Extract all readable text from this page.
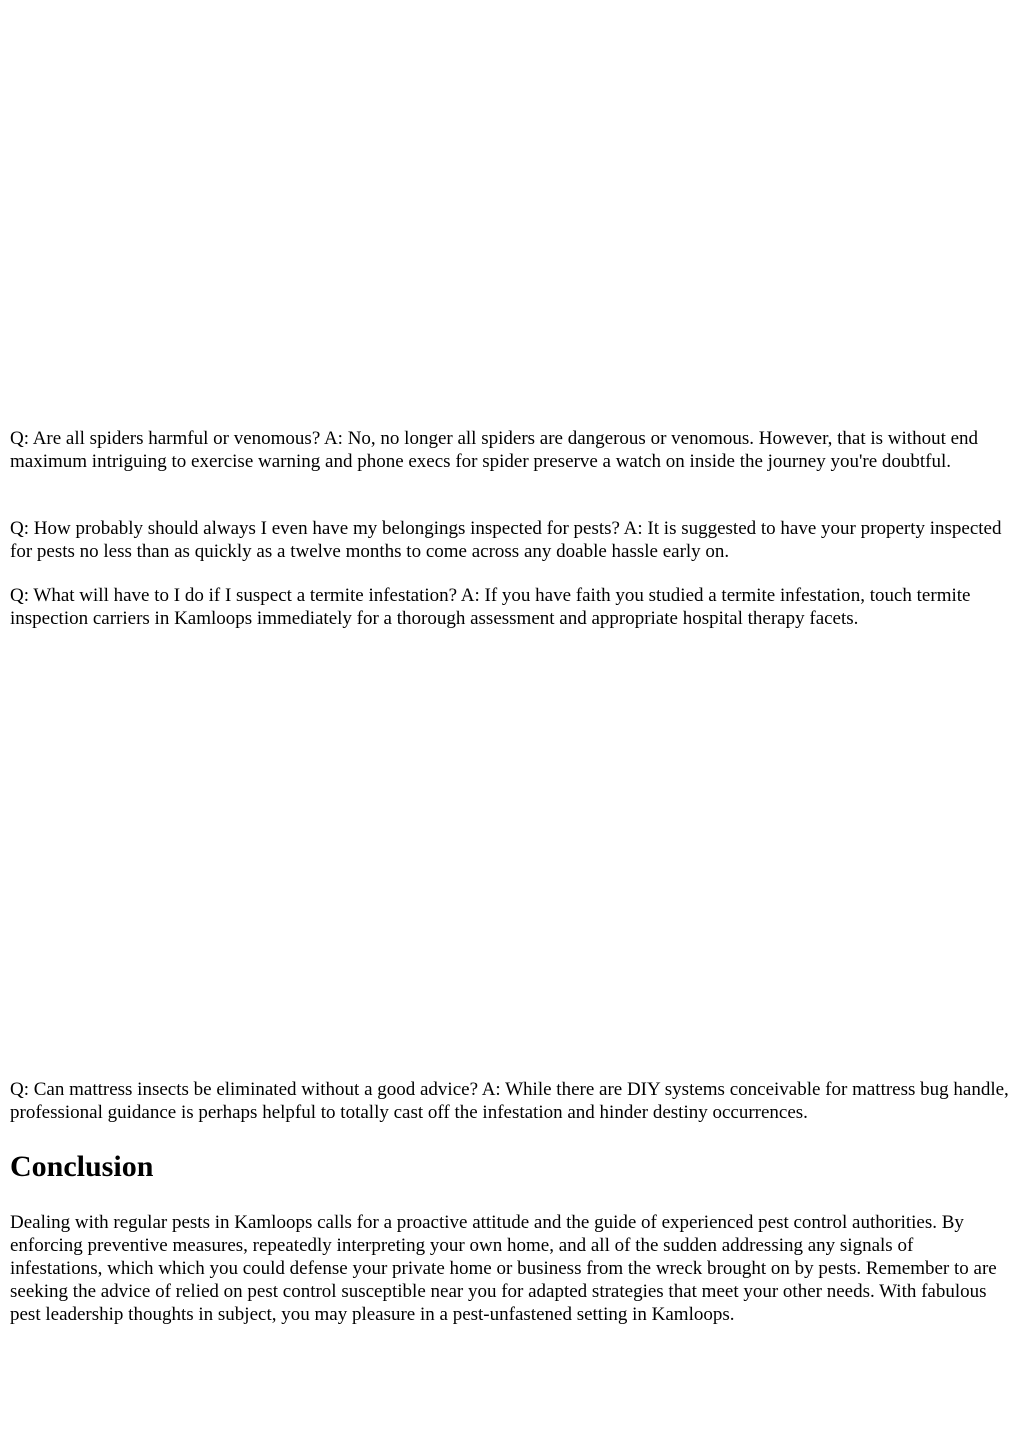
Q: Are all spiders harmful or venomous? A: No, no longer all spiders are dangerous or venomous. However, that is without end maximum intriguing to exercise warning and phone execs for spider preserve a watch on inside the journey you're doubtful.

Q: How probably should always I even have my belongings inspected for pests? A: It is suggested to have your property inspected for pests no less than as quickly as a twelve months to come across any doable hassle early on.

Q: What will have to I do if I suspect a termite infestation? A: If you have faith you studied a termite infestation, touch termite inspection carriers in Kamloops immediately for a thorough assessment and appropriate hospital therapy facets.

Q: Can mattress insects be eliminated without a good advice? A: While there are DIY systems conceivable for mattress bug handle, professional guidance is perhaps helpful to totally cast off the infestation and hinder destiny occurrences.

Conclusion

Dealing with regular pests in Kamloops calls for a proactive attitude and the guide of experienced pest control authorities. By enforcing preventive measures, repeatedly interpreting your own home, and all of the sudden addressing any signals of infestations, which which you could defense your private home or business from the wreck brought on by pests. Remember to are seeking the advice of relied on pest control susceptible near you for adapted strategies that meet your other needs. With fabulous pest leadership thoughts in subject, you may pleasure in a pest-unfastened setting in Kamloops.
